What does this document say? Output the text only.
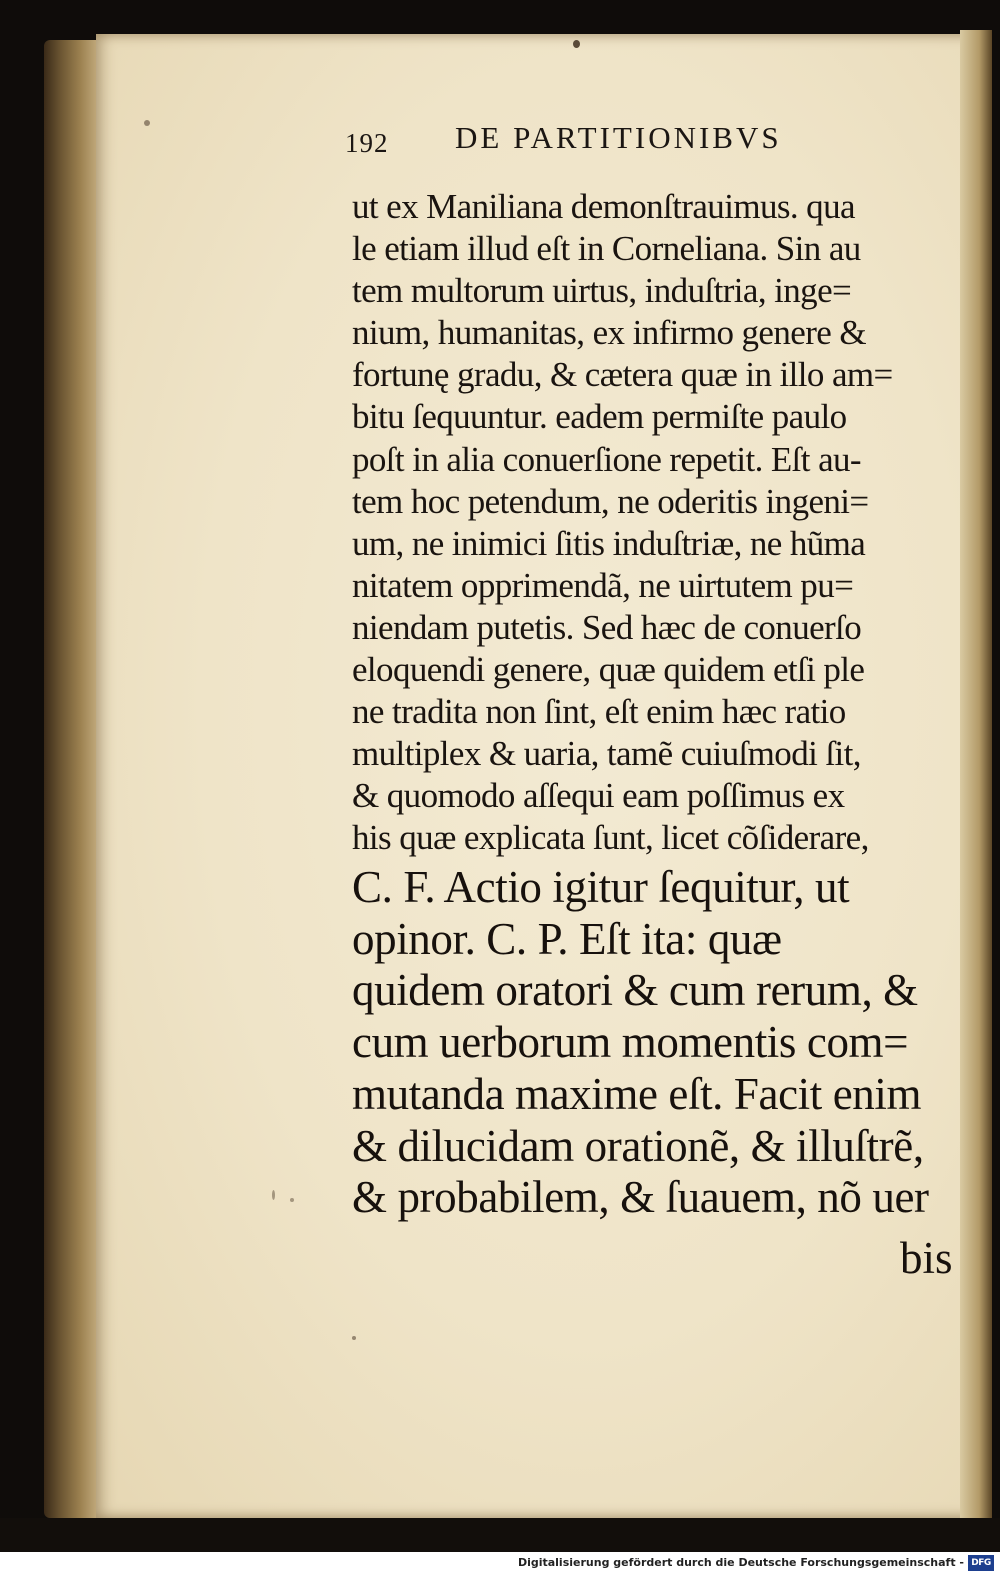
192 DE PARTITIONIBVS
ut ex Maniliana demonſtrauimus. qua
le etiam illud eſt in Corneliana. Sin au
tem multorum uirtus, induſtria, inge=
nium, humanitas, ex infirmo genere &
fortunę gradu, & cætera quæ in illo am=
bitu ſequuntur. eadem permiſte paulo
poſt in alia conuerſione repetit. Eſt au-
tem hoc petendum, ne oderitis ingeni=
um, ne inimici ſitis induſtriæ, ne hũma
nitatem opprimendã, ne uirtutem pu=
niendam putetis. Sed hæc de conuerſo
eloquendi genere, quæ quidem etſi ple
ne tradita non ſint, eſt enim hæc ratio
multiplex & uaria, tamẽ cuiuſmodi ſit,
& quomodo aſſequi eam poſſimus ex
his quæ explicata ſunt, licet cõſiderare,
C. F. Actio igitur ſequitur, ut
opinor. C. P. Eſt ita: quæ
quidem oratori & cum rerum, &
cum uerborum momentis com=
mutanda maxime eſt. Facit enim
& dilucidam orationẽ, & illuſtrẽ,
& probabilem, & ſuauem, nõ uer
bis
Digitalisierung gefördert durch die Deutsche Forschungsgemeinschaft - DFG
